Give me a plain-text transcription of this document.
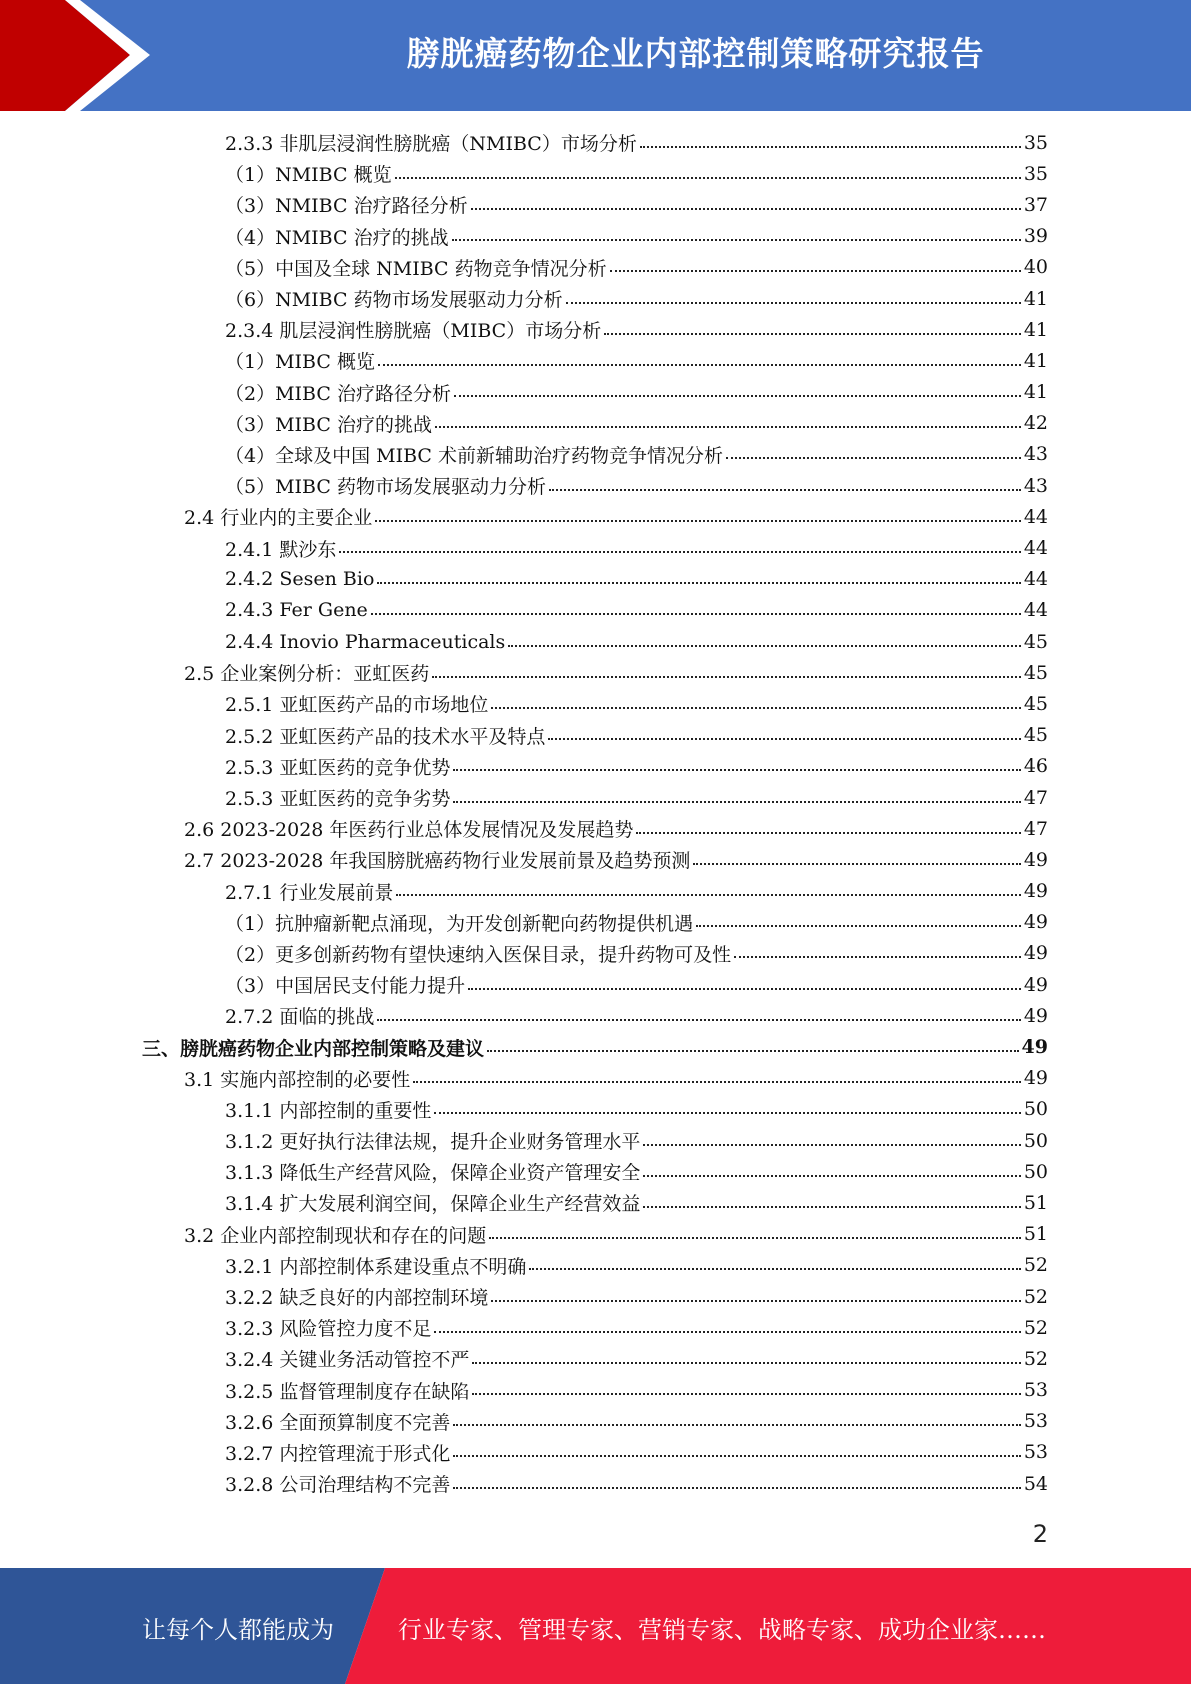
膀胱癌药物企业内部控制策略研究报告
2.3.3 非肌层浸润性膀胱癌（NMIBC）市场分析	35
（1）NMIBC 概览	35
（3）NMIBC 治疗路径分析	37
（4）NMIBC 治疗的挑战	39
（5）中国及全球 NMIBC 药物竞争情况分析	40
（6）NMIBC 药物市场发展驱动力分析	41
2.3.4 肌层浸润性膀胱癌（MIBC）市场分析	41
（1）MIBC 概览	41
（2）MIBC 治疗路径分析	41
（3）MIBC 治疗的挑战	42
（4）全球及中国 MIBC 术前新辅助治疗药物竞争情况分析	43
（5）MIBC 药物市场发展驱动力分析	43
2.4 行业内的主要企业	44
2.4.1 默沙东	44
2.4.2 Sesen Bio	44
2.4.3 Fer Gene	44
2.4.4 Inovio Pharmaceuticals	45
2.5 企业案例分析：亚虹医药	45
2.5.1 亚虹医药产品的市场地位	45
2.5.2 亚虹医药产品的技术水平及特点	45
2.5.3 亚虹医药的竞争优势	46
2.5.3 亚虹医药的竞争劣势	47
2.6 2023-2028 年医药行业总体发展情况及发展趋势	47
2.7 2023-2028 年我国膀胱癌药物行业发展前景及趋势预测	49
2.7.1 行业发展前景	49
（1）抗肿瘤新靶点涌现，为开发创新靶向药物提供机遇	49
（2）更多创新药物有望快速纳入医保目录，提升药物可及性	49
（3）中国居民支付能力提升	49
2.7.2 面临的挑战	49
三、膀胱癌药物企业内部控制策略及建议	49
3.1 实施内部控制的必要性	49
3.1.1 内部控制的重要性	50
3.1.2 更好执行法律法规，提升企业财务管理水平	50
3.1.3 降低生产经营风险，保障企业资产管理安全	50
3.1.4 扩大发展利润空间，保障企业生产经营效益	51
3.2 企业内部控制现状和存在的问题	51
3.2.1 内部控制体系建设重点不明确	52
3.2.2 缺乏良好的内部控制环境	52
3.2.3 风险管控力度不足	52
3.2.4 关键业务活动管控不严	52
3.2.5 监督管理制度存在缺陷	53
3.2.6 全面预算制度不完善	53
3.2.7 内控管理流于形式化	53
3.2.8 公司治理结构不完善	54
2
让每个人都能成为	行业专家、管理专家、营销专家、战略专家、成功企业家……
